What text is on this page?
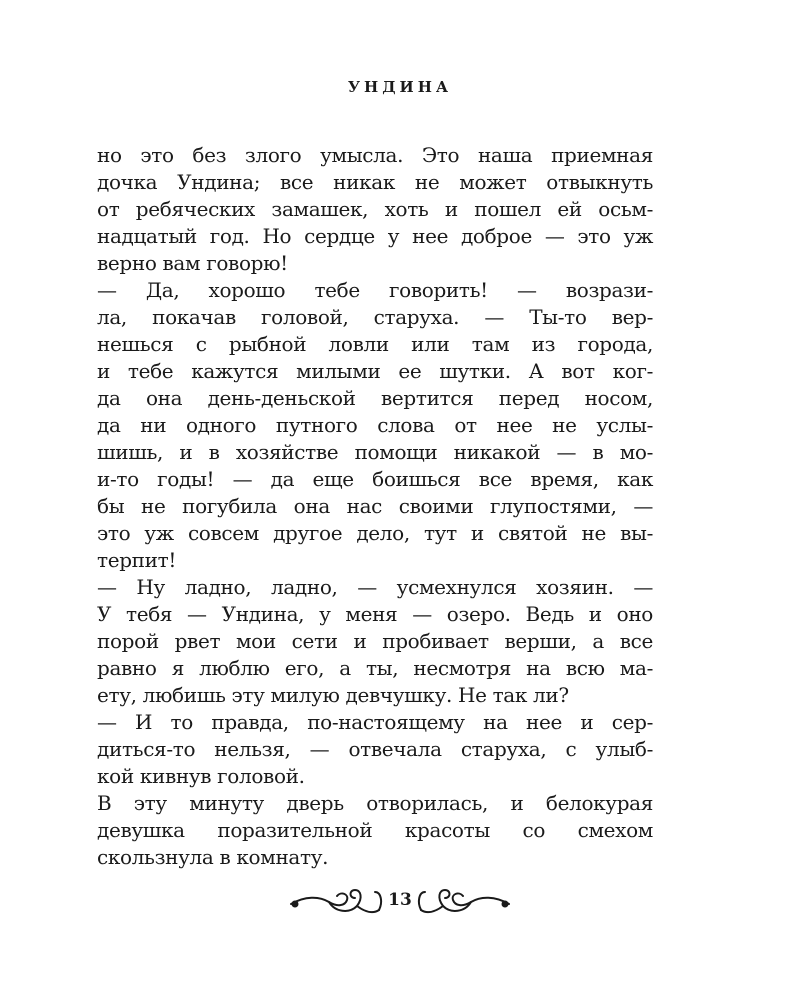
УНДИНА
но это без злого умысла. Это наша приемная
дочка Ундина; все никак не может отвыкнуть
от ребяческих замашек, хоть и пошел ей осьм-
надцатый год. Но сердце у нее доброе — это уж
верно вам говорю!
— Да, хорошо тебе говорить! — возрази-
ла, покачав головой, старуха. — Ты-то вер-
нешься с рыбной ловли или там из города,
и тебе кажутся милыми ее шутки. А вот ког-
да она день-деньской вертится перед носом,
да ни одного путного слова от нее не услы-
шишь, и в хозяйстве помощи никакой — в мо-
и-то годы! — да еще боишься все время, как
бы не погубила она нас своими глупостями, —
это уж совсем другое дело, тут и святой не вы-
терпит!
— Ну ладно, ладно, — усмехнулся хозяин. —
У тебя — Ундина, у меня — озеро. Ведь и оно
порой рвет мои сети и пробивает верши, а все
равно я люблю его, а ты, несмотря на всю ма-
ету, любишь эту милую девчушку. Не так ли?
— И то правда, по-настоящему на нее и сер-
диться-то нельзя, — отвечала старуха, с улыб-
кой кивнув головой.
В эту минуту дверь отворилась, и белокурая
девушка поразительной красоты со смехом
скользнула в комнату.
13
